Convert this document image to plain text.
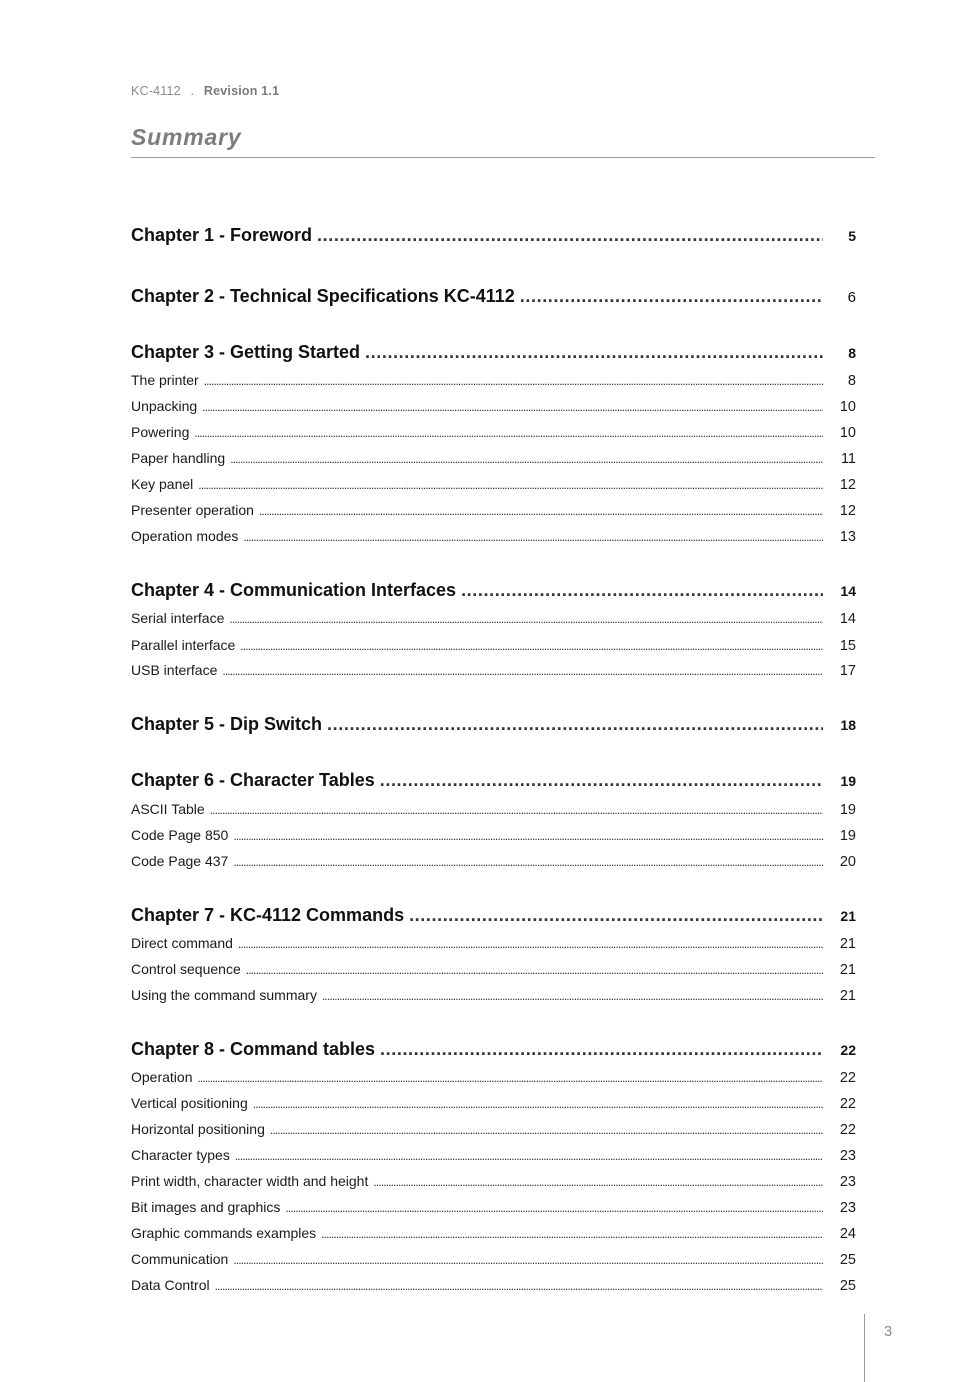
KC-4112 . Revision 1.1
Summary
Chapter 1 - Foreword . . .	5
Chapter 2 - Technical Specifications KC-4112 . . .	6
Chapter 3 - Getting Started . . .	8
The printer . . .	8
Unpacking . . .	10
Powering . . .	10
Paper handling . . .	11
Key panel . . .	12
Presenter operation . . .	12
Operation modes . . .	13
Chapter 4 - Communication Interfaces . . .	14
Serial interface . . .	14
Parallel interface . . .	15
USB interface . . .	17
Chapter 5 - Dip Switch . . .	18
Chapter 6 - Character Tables . . .	19
ASCII Table . . .	19
Code Page 850 . . .	19
Code Page 437 . . .	20
Chapter 7 - KC-4112 Commands . . .	21
Direct command . . .	21
Control sequence . . .	21
Using the command summary . . .	21
Chapter 8 - Command tables . . .	22
Operation . . .	22
Vertical positioning . . .	22
Horizontal positioning . . .	22
Character types . . .	23
Print width, character width and height . . .	23
Bit images and graphics . . .	23
Graphic commands examples . . .	24
Communication . . .	25
Data Control . . .	25
3
